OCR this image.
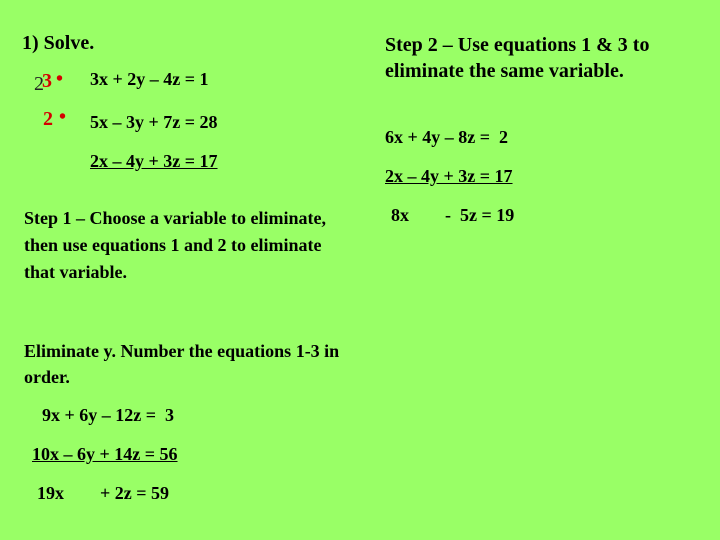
1) Solve.
2
3 • 3x + 2y – 4z = 1
2 • 5x – 3y + 7z = 28
2x – 4y + 3z = 17
Step 1 – Choose a variable to eliminate, then use equations 1 and 2 to eliminate that variable.
Eliminate y. Number the equations 1-3 in order.
9x + 6y – 12z =  3
10x – 6y + 14z = 56
19x        + 2z = 59
Step 2 – Use equations 1 & 3 to eliminate the same variable.
6x + 4y – 8z =  2
2x – 4y + 3z = 17
8x        -  5z = 19
